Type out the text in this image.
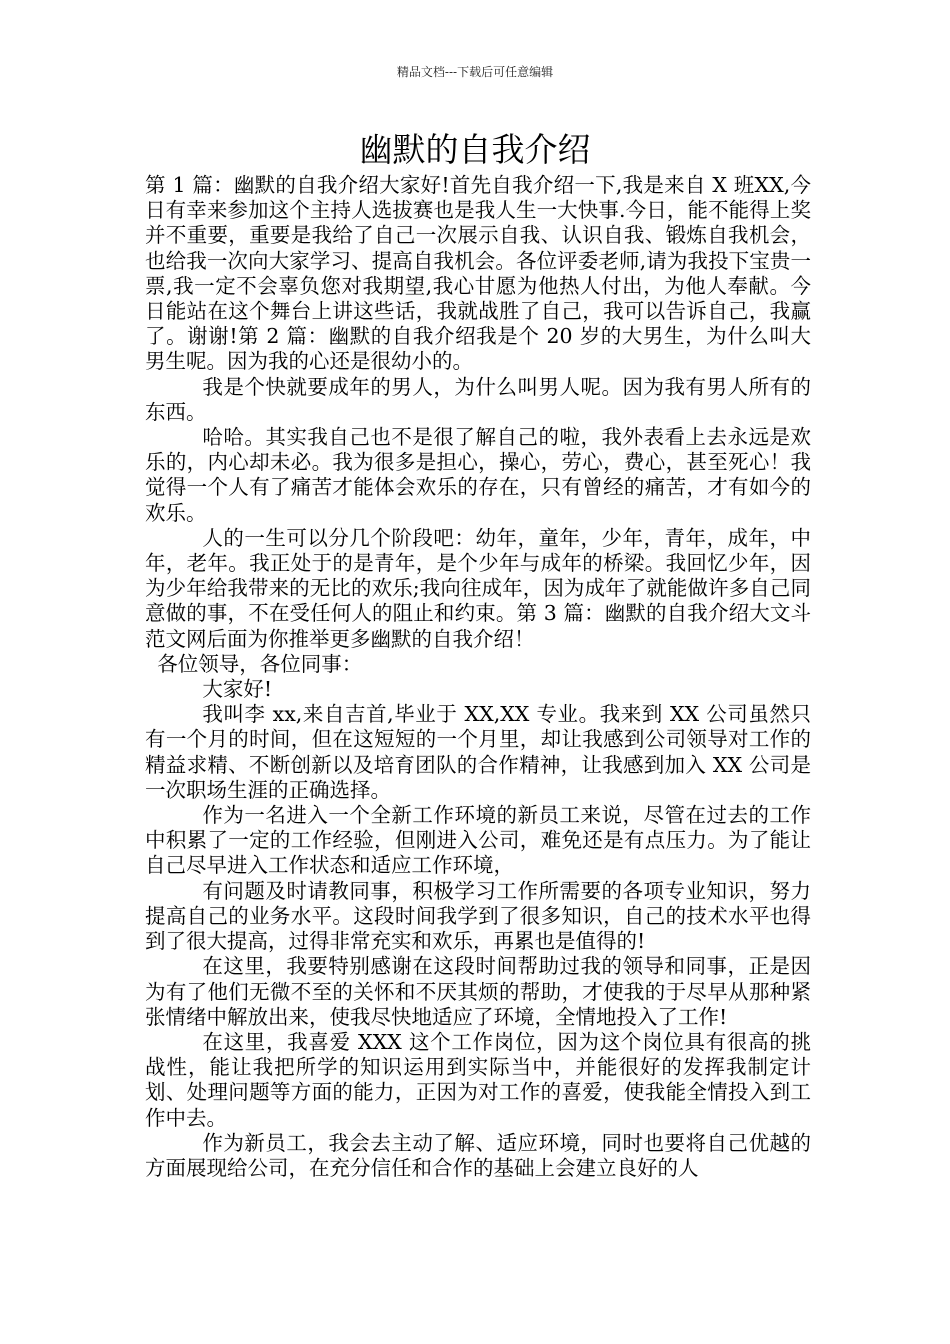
精品文档---下载后可任意编辑
幽默的自我介绍

第 1 篇：幽默的自我介绍大家好!首先自我介绍一下,我是来自 X 班XX,今日有幸来参加这个主持人选拔赛也是我人生一大快事.今日，能不能得上奖并不重要，重要是我给了自己一次展示自我、认识自我、锻炼自我机会，也给我一次向大家学习、提高自我机会。各位评委老师,请为我投下宝贵一票,我一定不会辜负您对我期望,我心甘愿为他热人付出，为他人奉献。今日能站在这个舞台上讲这些话，我就战胜了自己，我可以告诉自己，我赢了。谢谢!第 2 篇：幽默的自我介绍我是个 20 岁的大男生，为什么叫大男生呢。因为我的心还是很幼小的。

我是个快就要成年的男人，为什么叫男人呢。因为我有男人所有的东西。

哈哈。其实我自己也不是很了解自己的啦，我外表看上去永远是欢乐的，内心却未必。我为很多是担心，操心，劳心，费心，甚至死心！我觉得一个人有了痛苦才能体会欢乐的存在，只有曾经的痛苦，才有如今的欢乐。

人的一生可以分几个阶段吧：幼年，童年，少年，青年，成年，中年，老年。我正处于的是青年，是个少年与成年的桥梁。我回忆少年，因为少年给我带来的无比的欢乐;我向往成年，因为成年了就能做许多自己同意做的事，不在受任何人的阻止和约束。第 3 篇：幽默的自我介绍大文斗范文网后面为你推举更多幽默的自我介绍！

各位领导，各位同事：

大家好!

我叫李 xx,来自吉首,毕业于 XX,XX 专业。我来到 XX 公司虽然只有一个月的时间，但在这短短的一个月里，却让我感到公司领导对工作的精益求精、不断创新以及培育团队的合作精神，让我感到加入 XX 公司是一次职场生涯的正确选择。

作为一名进入一个全新工作环境的新员工来说，尽管在过去的工作中积累了一定的工作经验，但刚进入公司，难免还是有点压力。为了能让自己尽早进入工作状态和适应工作环境，

有问题及时请教同事，积极学习工作所需要的各项专业知识，努力提高自己的业务水平。这段时间我学到了很多知识，自己的技术水平也得到了很大提高，过得非常充实和欢乐，再累也是值得的!

在这里，我要特别感谢在这段时间帮助过我的领导和同事，正是因为有了他们无微不至的关怀和不厌其烦的帮助，才使我的于尽早从那种紧张情绪中解放出来，使我尽快地适应了环境，全情地投入了工作!

在这里，我喜爱 XXX 这个工作岗位，因为这个岗位具有很高的挑战性，能让我把所学的知识运用到实际当中，并能很好的发挥我制定计划、处理问题等方面的能力，正因为对工作的喜爱，使我能全情投入到工作中去。

作为新员工，我会去主动了解、适应环境，同时也要将自己优越的方面展现给公司，在充分信任和合作的基础上会建立良好的人
